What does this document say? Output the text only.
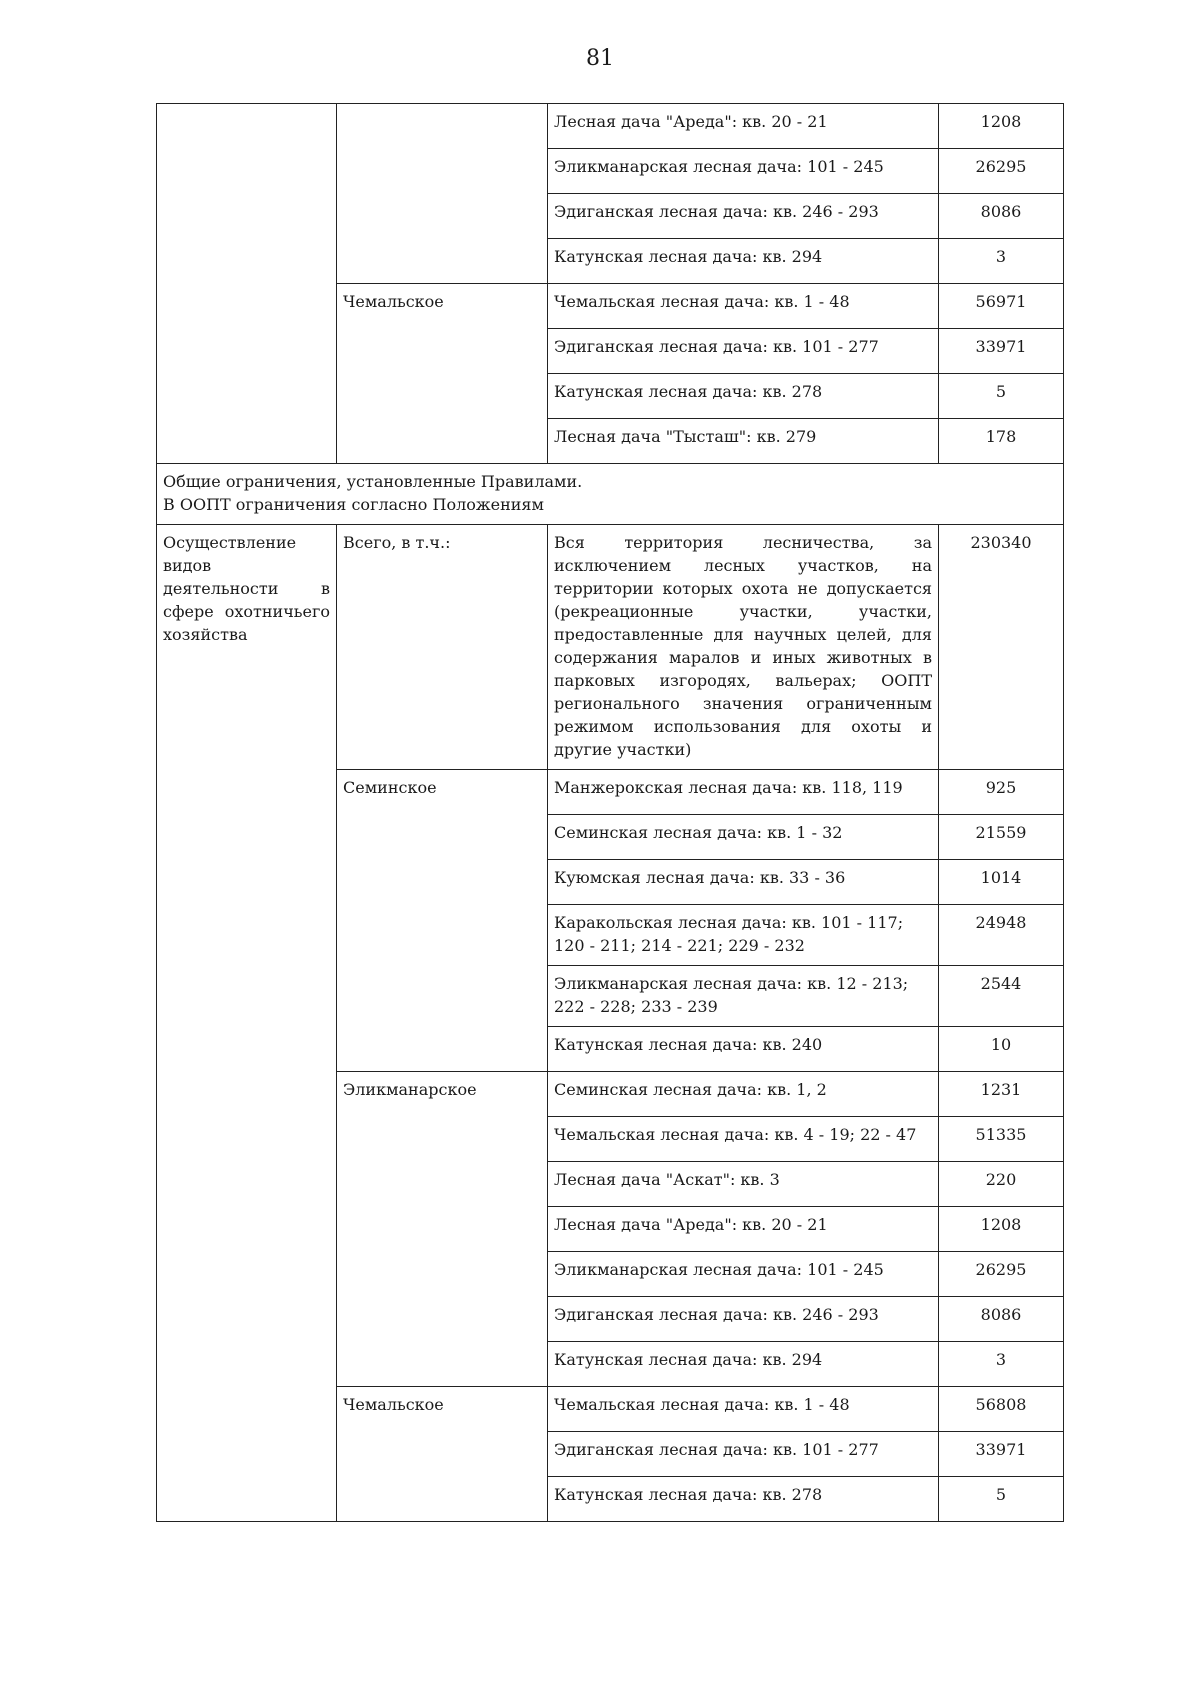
81
		Лесная дача "Ареда": кв. 20 - 21	1208
		Эликманарская лесная дача: 101 - 245	26295
		Эдиганская лесная дача: кв. 246 - 293	8086
		Катунская лесная дача: кв. 294	3
	Чемальское	Чемальская лесная дача: кв. 1 - 48	56971
		Эдиганская лесная дача: кв. 101 - 277	33971
		Катунская лесная дача: кв. 278	5
		Лесная дача "Тысташ": кв. 279	178
Общие ограничения, установленные Правилами.
В ООПТ ограничения согласно Положениям			
Осуществление видов деятельности в сфере охотничьего хозяйства	Всего, в т.ч.:	Вся территория лесничества, за исключением лесных участков, на территории которых охота не допускается (рекреационные участки, участки, предоставленные для научных целей, для содержания маралов и иных животных в парковых изгородях, вальерах; ООПТ регионального значения ограниченным режимом использования для охоты и другие участки)	230340
	Семинское	Манжерокская лесная дача: кв. 118, 119	925
		Семинская лесная дача: кв. 1 - 32	21559
		Куюмская лесная дача: кв. 33 - 36	1014
		Каракольская лесная дача: кв. 101 - 117; 120 - 211; 214 - 221; 229 - 232	24948
		Эликманарская лесная дача: кв. 12 - 213; 222 - 228; 233 - 239	2544
		Катунская лесная дача: кв. 240	10
	Эликманарское	Семинская лесная дача: кв. 1, 2	1231
		Чемальская лесная дача: кв. 4 - 19; 22 - 47	51335
		Лесная дача "Аскат": кв. 3	220
		Лесная дача "Ареда": кв. 20 - 21	1208
		Эликманарская лесная дача: 101 - 245	26295
		Эдиганская лесная дача: кв. 246 - 293	8086
		Катунская лесная дача: кв. 294	3
	Чемальское	Чемальская лесная дача: кв. 1 - 48	56808
		Эдиганская лесная дача: кв. 101 - 277	33971
		Катунская лесная дача: кв. 278	5
